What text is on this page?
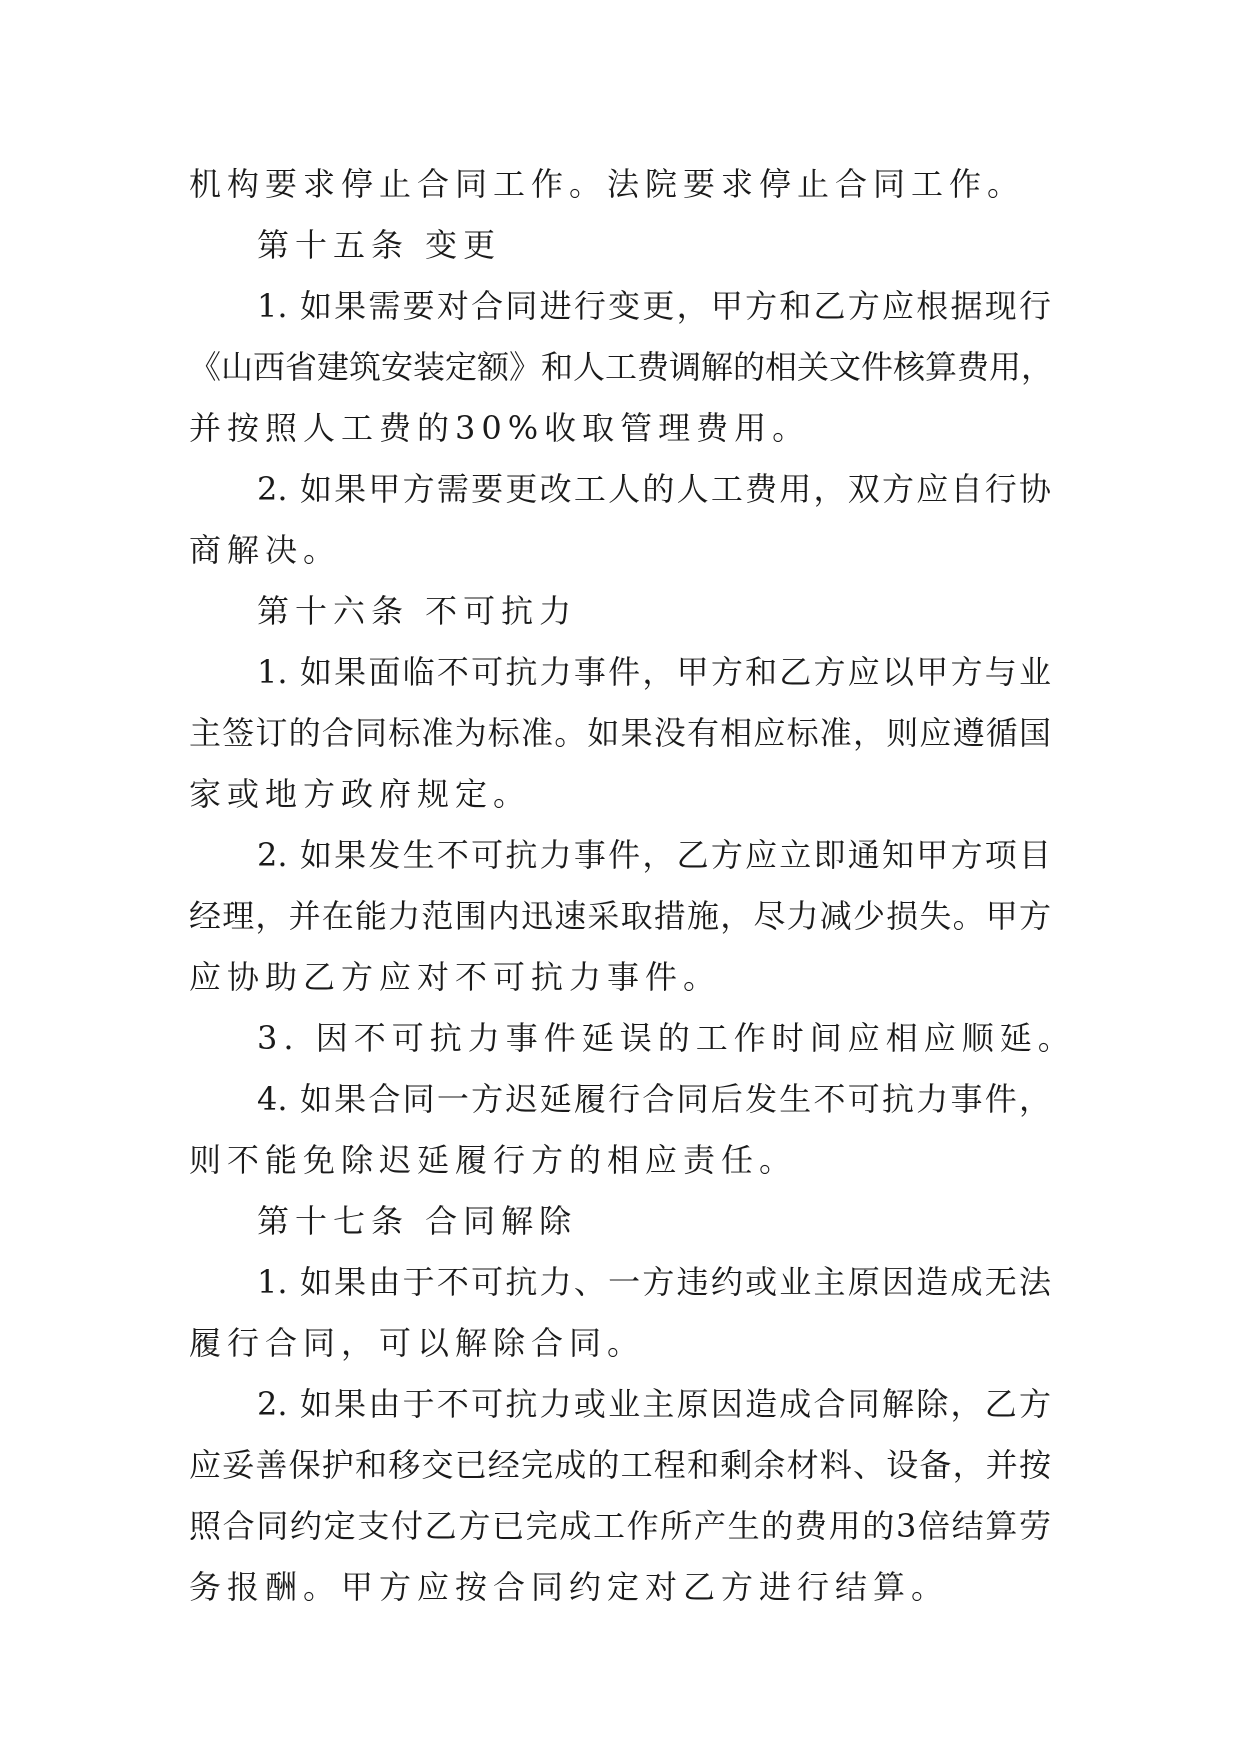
机构要求停止合同工作。法院要求停止合同工作。

第十五条 变更

1. 如果需要对合同进行变更，甲方和乙方应根据现行

《山西省建筑安装定额》和人工费调解的相关文件核算费用，

并按照人工费的30%收取管理费用。

2. 如果甲方需要更改工人的人工费用，双方应自行协

商解决。

第十六条 不可抗力

1. 如果面临不可抗力事件，甲方和乙方应以甲方与业

主签订的合同标准为标准。如果没有相应标准，则应遵循国

家或地方政府规定。

2. 如果发生不可抗力事件，乙方应立即通知甲方项目

经理，并在能力范围内迅速采取措施，尽力减少损失。甲方

应协助乙方应对不可抗力事件。

3. 因不可抗力事件延误的工作时间应相应顺延。

4. 如果合同一方迟延履行合同后发生不可抗力事件，

则不能免除迟延履行方的相应责任。

第十七条 合同解除

1. 如果由于不可抗力、一方违约或业主原因造成无法

履行合同，可以解除合同。

2. 如果由于不可抗力或业主原因造成合同解除，乙方

应妥善保护和移交已经完成的工程和剩余材料、设备，并按

照合同约定支付乙方已完成工作所产生的费用的3倍结算劳

务报酬。甲方应按合同约定对乙方进行结算。
